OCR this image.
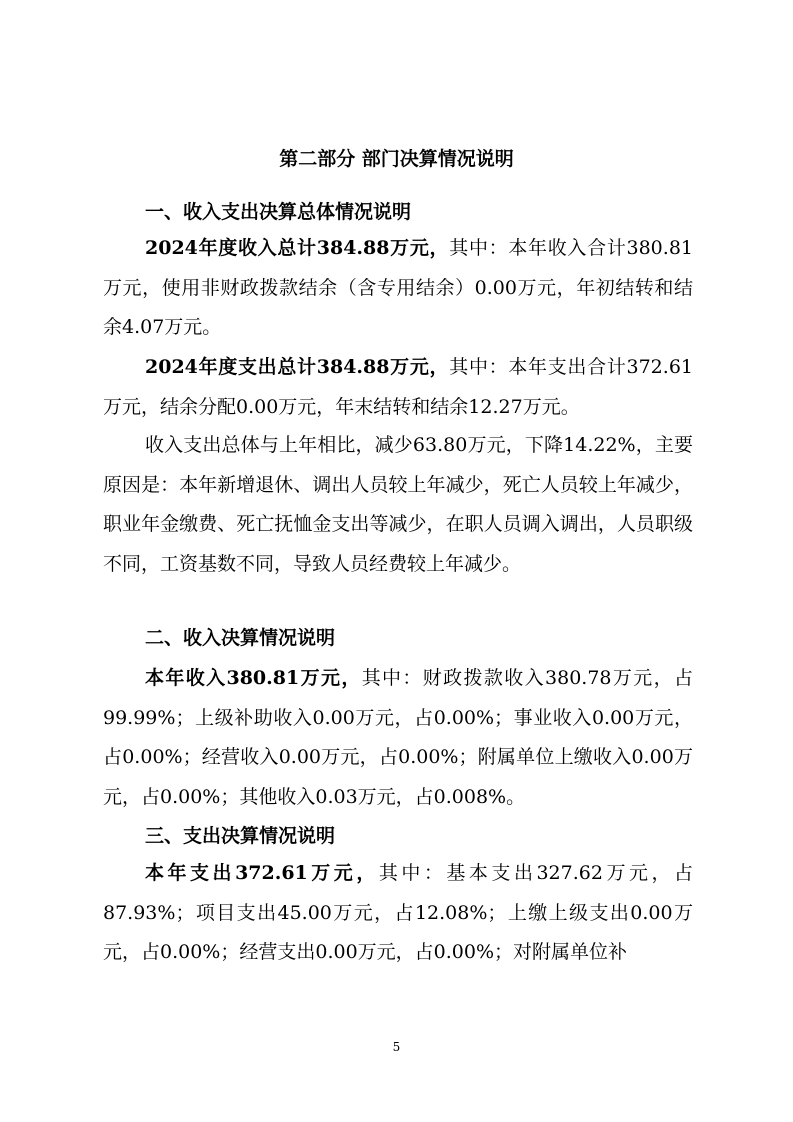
第二部分 部门决算情况说明
一、收入支出决算总体情况说明

2024年度收入总计384.88万元，其中：本年收入合计380.81万元，使用非财政拨款结余（含专用结余）0.00万元，年初结转和结余4.07万元。

2024年度支出总计384.88万元，其中：本年支出合计372.61万元，结余分配0.00万元，年末结转和结余12.27万元。

收入支出总体与上年相比，减少63.80万元，下降14.22%，主要原因是：本年新增退休、调出人员较上年减少，死亡人员较上年减少，职业年金缴费、死亡抚恤金支出等减少，在职人员调入调出，人员职级不同，工资基数不同，导致人员经费较上年减少。

二、收入决算情况说明

本年收入380.81万元，其中：财政拨款收入380.78万元，占99.99%；上级补助收入0.00万元，占0.00%；事业收入0.00万元，占0.00%；经营收入0.00万元，占0.00%；附属单位上缴收入0.00万元，占0.00%；其他收入0.03万元，占0.008%。

三、支出决算情况说明

本年支出372.61万元，其中：基本支出327.62万元，占87.93%；项目支出45.00万元，占12.08%；上缴上级支出0.00万元，占0.00%；经营支出0.00万元，占0.00%；对附属单位补

5
